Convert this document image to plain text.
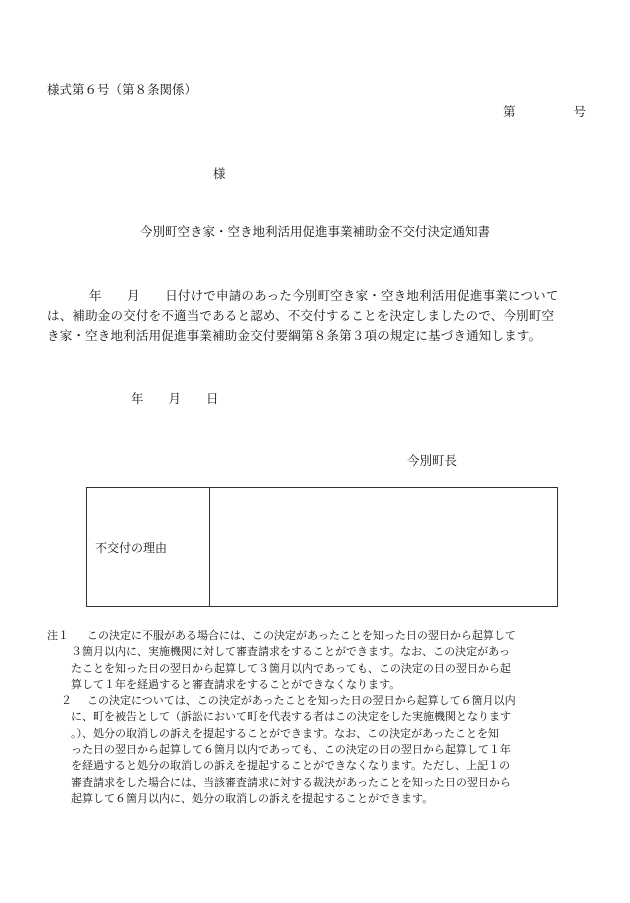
様式第６号（第８条関係）
第	号
様
今別町空き家・空き地利活用促進事業補助金不交付決定通知書

年　　月　　日付けで申請のあった今別町空き家・空き地利活用促進事業について

は、補助金の交付を不適当であると認め、不交付することを決定しましたので、今別町空

き家・空き地利活用促進事業補助金交付要綱第８条第３項の規定に基づき通知します。

年　　月　　日
今別町長
不交付の理由	
注１	この決定に不服がある場合には、この決定があったことを知った日の翌日から起算して
３箇月以内に、実施機関に対して審査請求をすることができます。なお、この決定があっ
たことを知った日の翌日から起算して３箇月以内であっても、この決定の日の翌日から起
算して１年を経過すると審査請求をすることができなくなります。
２	この決定については、この決定があったことを知った日の翌日から起算して６箇月以内
に、町を被告として（訴訟において町を代表する者はこの決定をした実施機関となります
。）、処分の取消しの訴えを提起することができます。なお、この決定があったことを知
った日の翌日から起算して６箇月以内であっても、この決定の日の翌日から起算して１年
を経過すると処分の取消しの訴えを提起することができなくなります。ただし、上記１の
審査請求をした場合には、当該審査請求に対する裁決があったことを知った日の翌日から
起算して６箇月以内に、処分の取消しの訴えを提起することができます。
